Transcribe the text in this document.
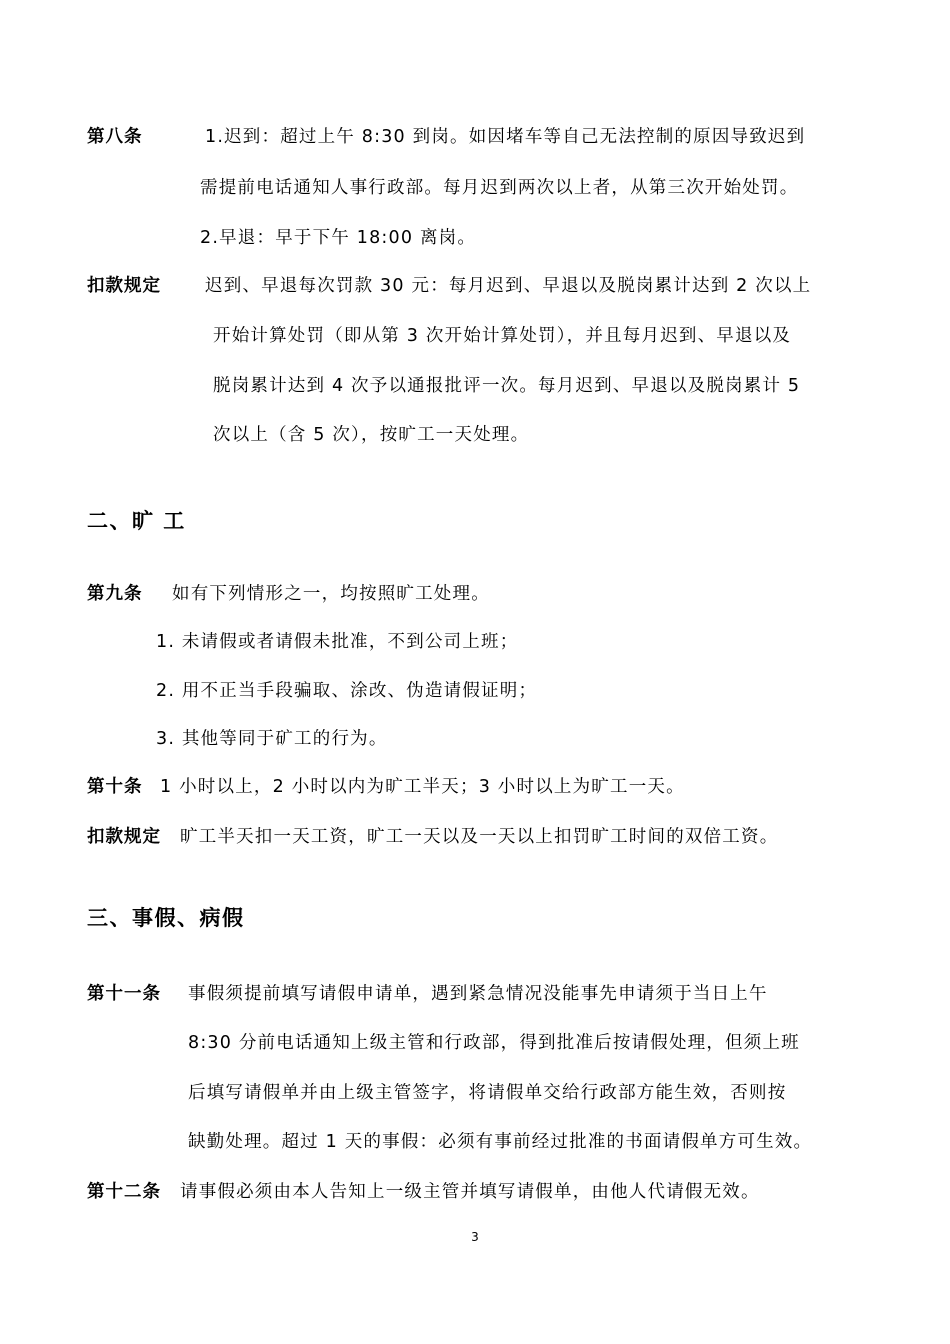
第八条	1.迟到：超过上午 8:30 到岗。如因堵车等自己无法控制的原因导致迟到
需提前电话通知人事行政部。每月迟到两次以上者，从第三次开始处罚。
2.早退：早于下午 18:00 离岗。
扣款规定	迟到、早退每次罚款 30 元：每月迟到、早退以及脱岗累计达到 2 次以上
开始计算处罚（即从第 3 次开始计算处罚），并且每月迟到、早退以及
脱岗累计达到 4 次予以通报批评一次。每月迟到、早退以及脱岗累计 5
次以上（含 5 次），按旷工一天处理。
二、旷 工
第九条 如有下列情形之一，均按照旷工处理。
1. 未请假或者请假未批准，不到公司上班；
2. 用不正当手段骗取、涂改、伪造请假证明；
3. 其他等同于矿工的行为。
第十条 1 小时以上，2 小时以内为旷工半天；3 小时以上为旷工一天。
扣款规定 旷工半天扣一天工资，旷工一天以及一天以上扣罚旷工时间的双倍工资。
三、事假、病假
第十一条 事假须提前填写请假申请单，遇到紧急情况没能事先申请须于当日上午
8:30 分前电话通知上级主管和行政部，得到批准后按请假处理，但须上班
后填写请假单并由上级主管签字，将请假单交给行政部方能生效，否则按
缺勤处理。超过 1 天的事假：必须有事前经过批准的书面请假单方可生效。
第十二条 请事假必须由本人告知上一级主管并填写请假单，由他人代请假无效。
3
